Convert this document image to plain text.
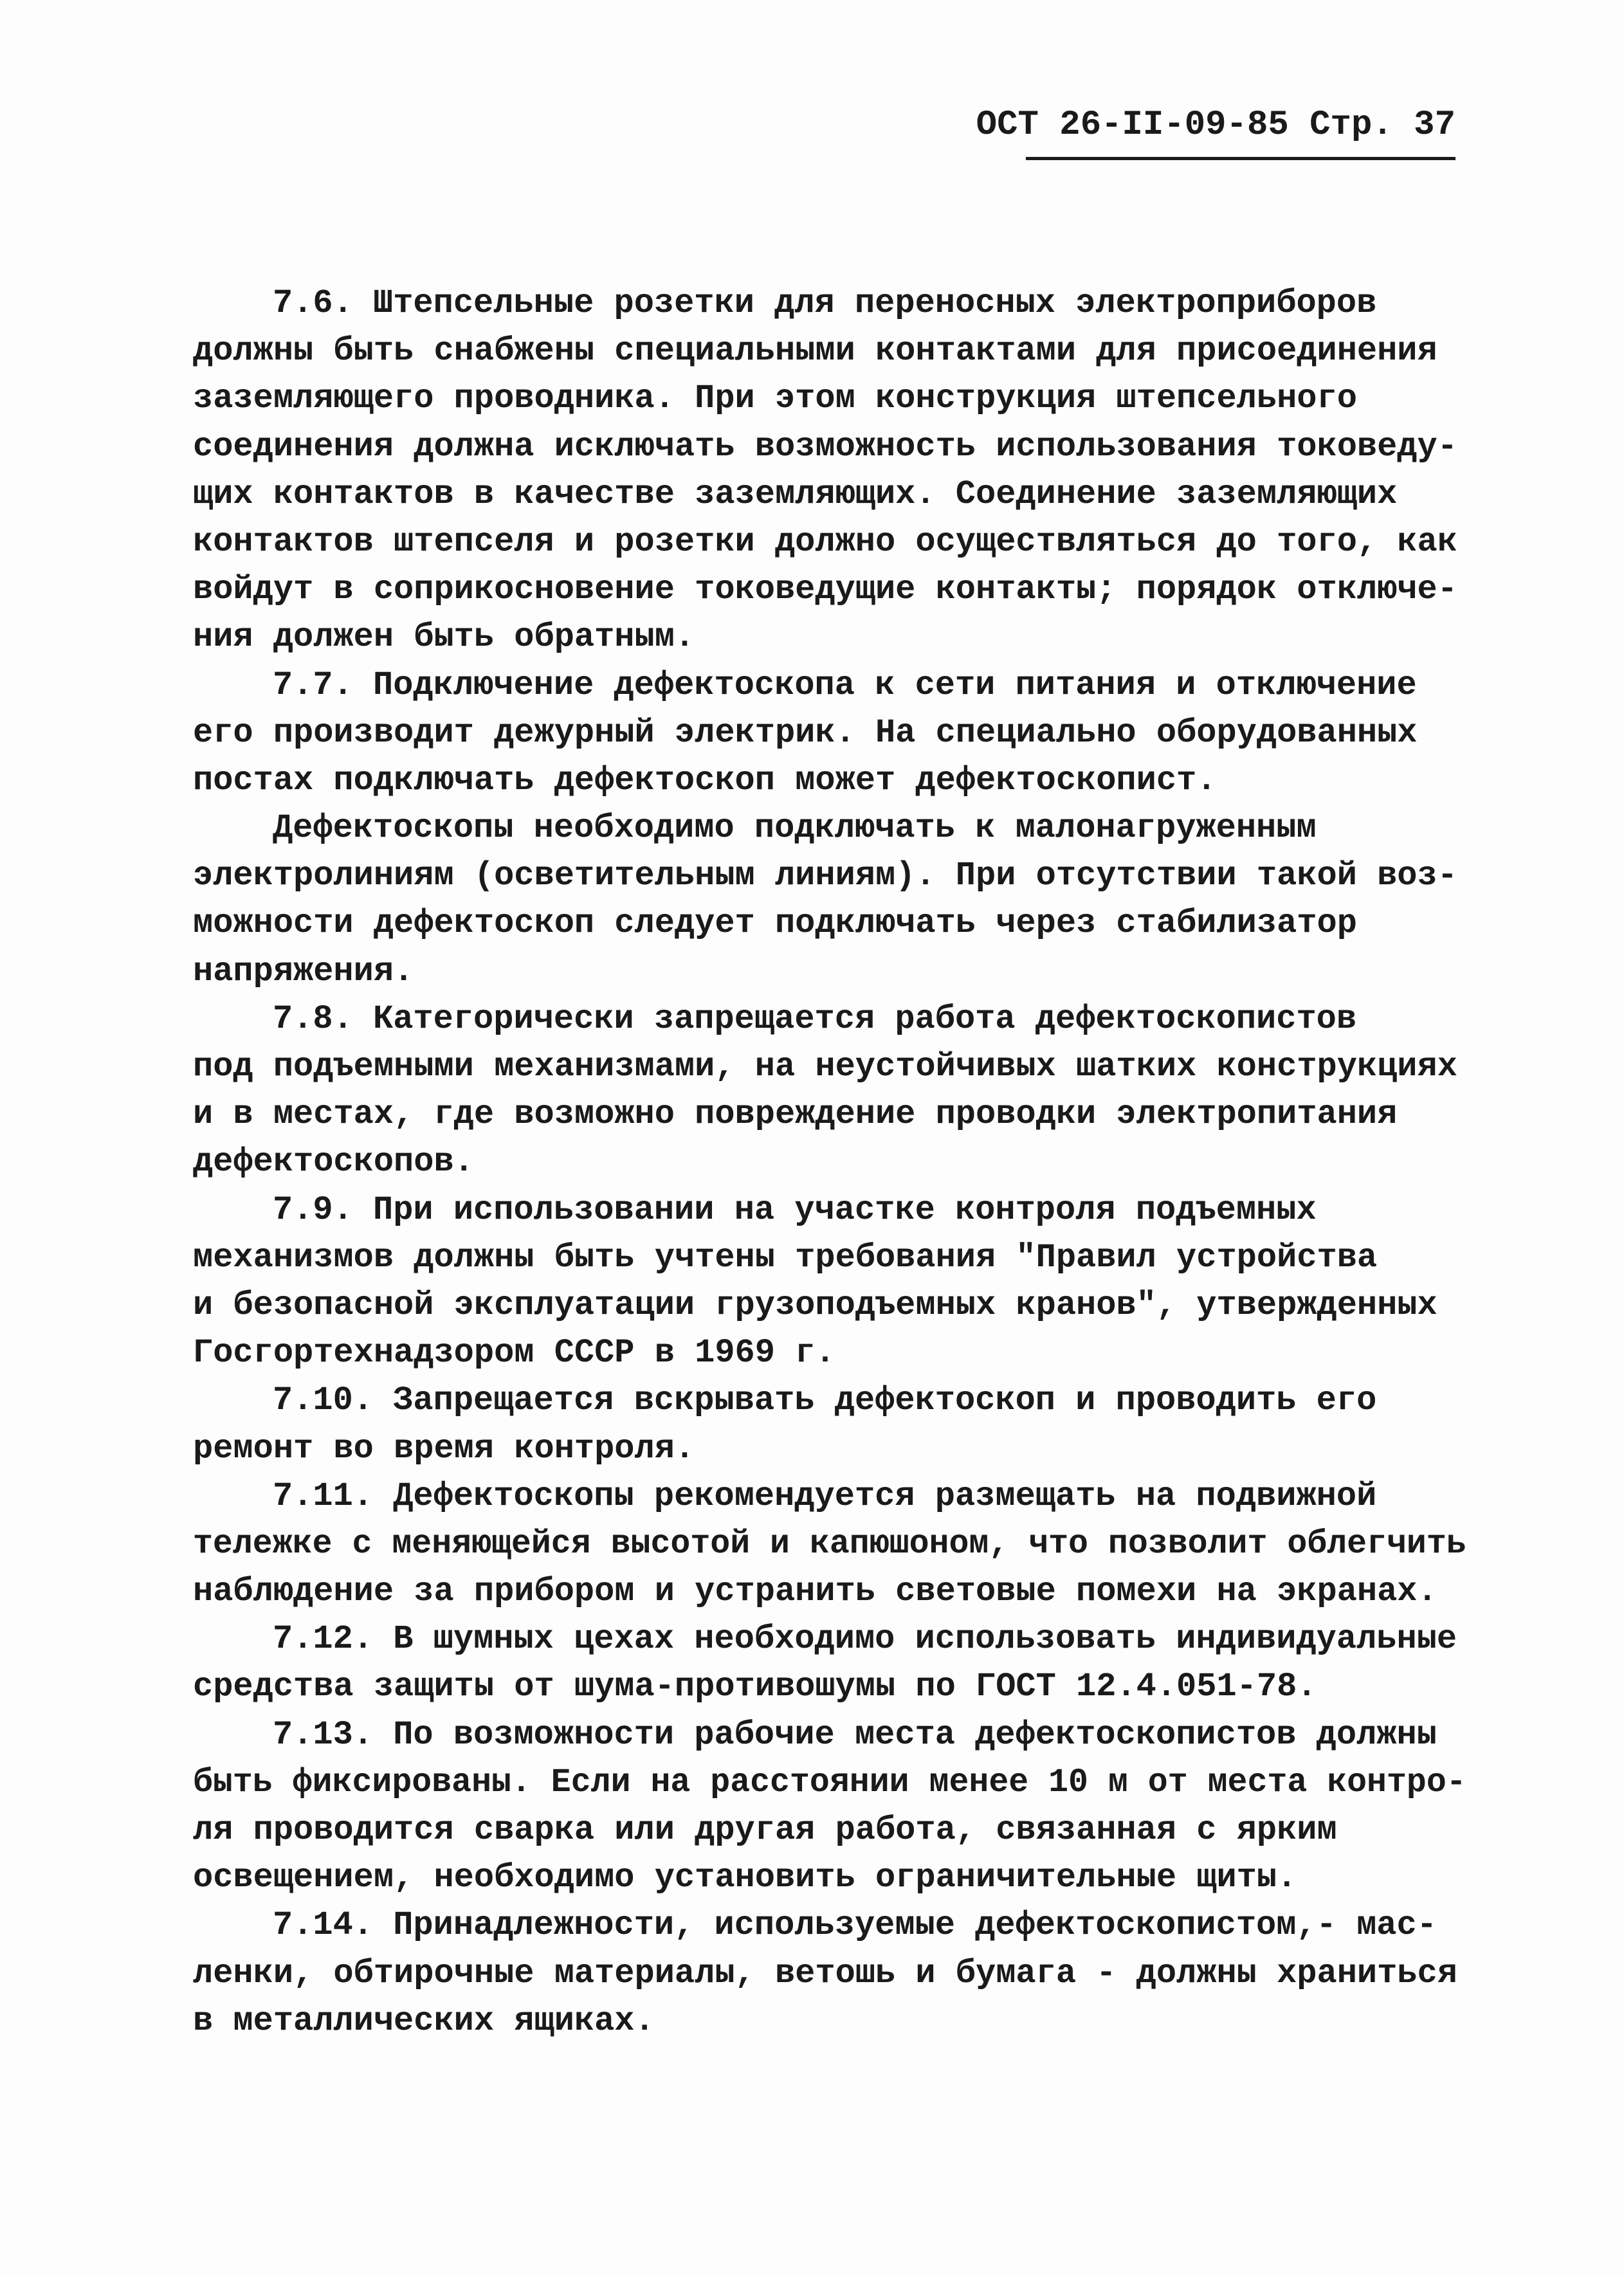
ОСТ 26-II-09-85 Стр. 37
7.6. Штепсельные розетки для переносных электроприборов
должны быть снабжены специальными контактами для присоединения
заземляющего проводника. При этом конструкция штепсельного
соединения должна исключать возможность использования токоведу-
щих контактов в качестве заземляющих. Соединение заземляющих
контактов штепселя и розетки должно осуществляться до того, как
войдут в соприкосновение токоведущие контакты; порядок отключе-
ния должен быть обратным.
7.7. Подключение дефектоскопа к сети питания и отключение
его производит дежурный электрик. На специально оборудованных
постах подключать дефектоскоп может дефектоскопист.
Дефектоскопы необходимо подключать к малонагруженным
электролиниям (осветительным линиям). При отсутствии такой воз-
можности дефектоскоп следует подключать через стабилизатор
напряжения.
7.8. Категорически запрещается работа дефектоскопистов
под подъемными механизмами, на неустойчивых шатких конструкциях
и в местах, где возможно повреждение проводки электропитания
дефектоскопов.
7.9. При использовании на участке контроля подъемных
механизмов должны быть учтены требования "Правил устройства
и безопасной эксплуатации грузоподъемных кранов", утвержденных
Госгортехнадзором СССР в 1969 г.
7.10. Запрещается вскрывать дефектоскоп и проводить его
ремонт во время контроля.
7.11. Дефектоскопы рекомендуется размещать на подвижной
тележке с меняющейся высотой и капюшоном, что позволит облегчить
наблюдение за прибором и устранить световые помехи на экранах.
7.12. В шумных цехах необходимо использовать индивидуальные
средства защиты от шума-противошумы по ГОСТ 12.4.051-78.
7.13. По возможности рабочие места дефектоскопистов должны
быть фиксированы. Если на расстоянии менее 10 м от места контро-
ля проводится сварка или другая работа, связанная с ярким
освещением, необходимо установить ограничительные щиты.
7.14. Принадлежности, используемые дефектоскопистом,- мас-
ленки, обтирочные материалы, ветошь и бумага - должны храниться
в металлических ящиках.
